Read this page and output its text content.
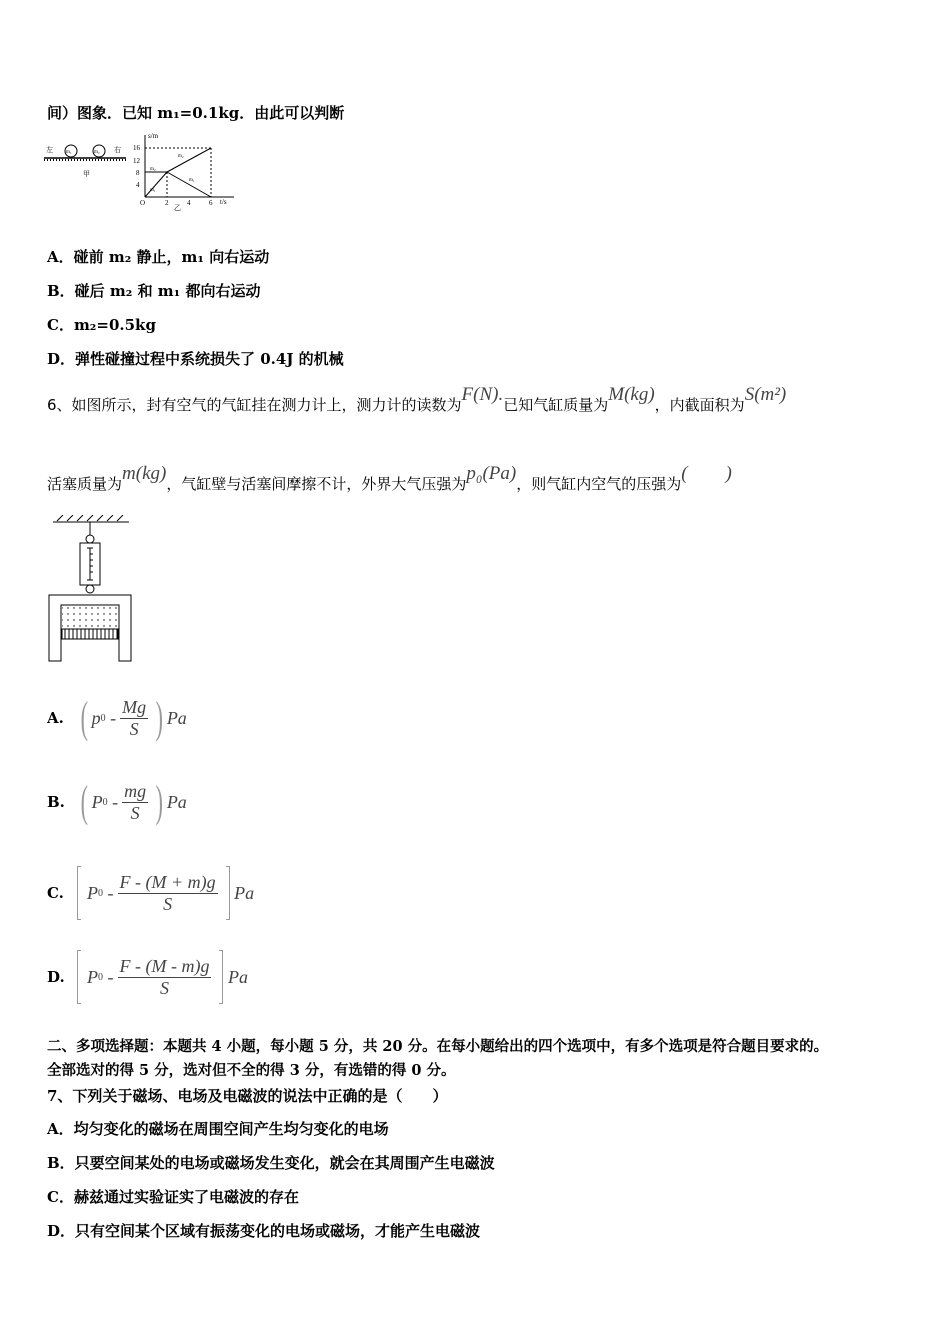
间）图象．已知 m₁=0.1kg．由此可以判断
左	m₁	m₂ 右
甲
s/m
t/s
O
4
8
12
16
2	4	6
m₂
m₂
m₁
m₁
乙
A．碰前 m₂ 静止，m₁ 向右运动
B．碰后 m₂ 和 m₁ 都向右运动
C．m₂=0.5kg
D．弹性碰撞过程中系统损失了 0.4J 的机械
6、如图所示，封有空气的气缸挂在测力计上，测力计的读数为F(N).已知气缸质量为M(kg)，内截面积为S(m²)
活塞质量为m(kg)，气缸壁与活塞间摩擦不计，外界大气压强为p₀(Pa)，则气缸内空气的压强为(　　)
A. ( p 0
- $\frac{Mg}{S}$ ) Pa
B. ( P 0
- $\frac{mg}{S}$ ) Pa
C.	P 0
- $\frac{F - (M + m)g}{S}$
Pa
D.	P 0
- $\frac{F - (M - m)g}{S}$
Pa
二、多项选择题：本题共 4 小题，每小题 5 分，共 20 分。在每小题给出的四个选项中，有多个选项是符合题目要求的。
全部选对的得 5 分，选对但不全的得 3 分，有选错的得 0 分。
7、下列关于磁场、电场及电磁波的说法中正确的是（　　）
A．均匀变化的磁场在周围空间产生均匀变化的电场
B．只要空间某处的电场或磁场发生变化，就会在其周围产生电磁波
C．赫兹通过实验证实了电磁波的存在
D．只有空间某个区域有振荡变化的电场或磁场，才能产生电磁波
